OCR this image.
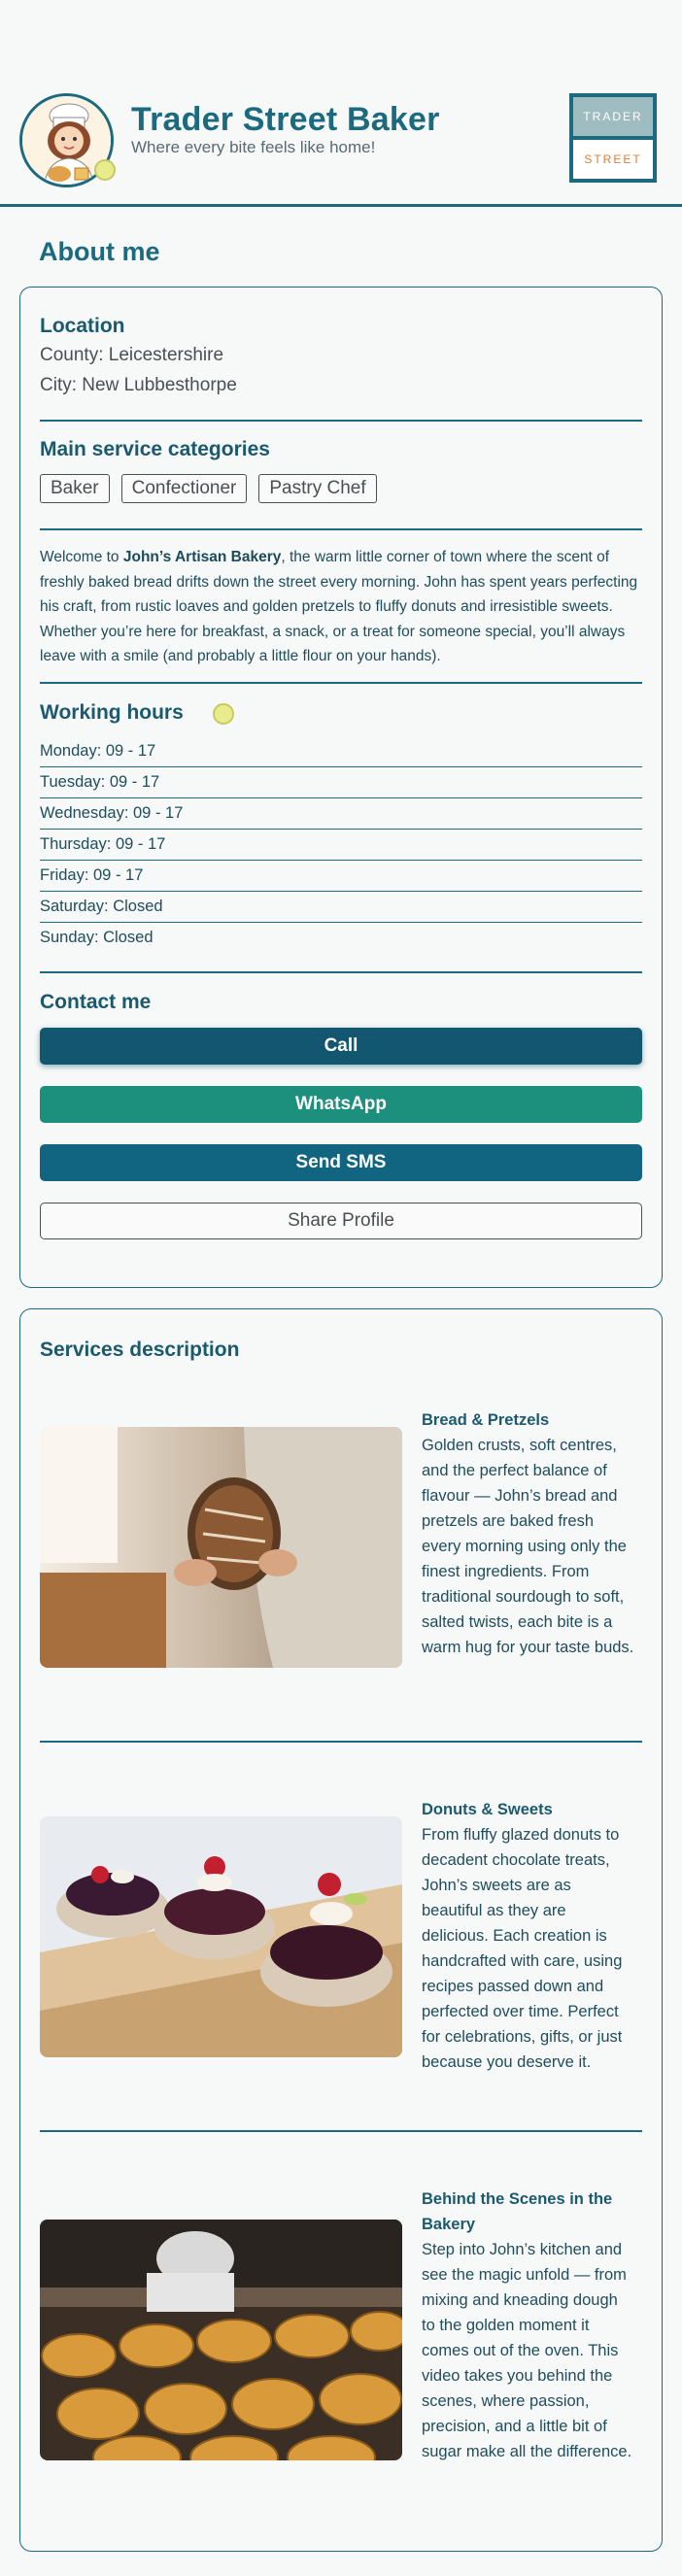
Trader Street Baker
Where every bite feels like home!
TRADER
STREET
About me
Location
County: Leicestershire
City: New Lubbesthorpe
Main service categories
Baker	Confectioner	Pastry Chef

Welcome to John’s Artisan Bakery, the warm little corner of town where the scent of freshly baked bread drifts down the street every morning. John has spent years perfecting his craft, from rustic loaves and golden pretzels to fluffy donuts and irresistible sweets. Whether you’re here for breakfast, a snack, or a treat for someone special, you’ll always leave with a smile (and probably a little flour on your hands).

Working hours
Monday: 09 - 17
Tuesday: 09 - 17
Wednesday: 09 - 17
Thursday: 09 - 17
Friday: 09 - 17
Saturday: Closed
Sunday: Closed
Contact me
Call
WhatsApp
Send SMS
Share Profile
Services description
Bread & Pretzels
Golden crusts, soft centres, and the perfect balance of flavour — John’s bread and pretzels are baked fresh every morning using only the finest ingredients. From traditional sourdough to soft, salted twists, each bite is a warm hug for your taste buds.
Donuts & Sweets
From fluffy glazed donuts to decadent chocolate treats, John’s sweets are as beautiful as they are delicious. Each creation is handcrafted with care, using recipes passed down and perfected over time. Perfect for celebrations, gifts, or just because you deserve it.
Behind the Scenes in the Bakery
Step into John’s kitchen and see the magic unfold — from mixing and kneading dough to the golden moment it comes out of the oven. This video takes you behind the scenes, where passion, precision, and a little bit of sugar make all the difference.
